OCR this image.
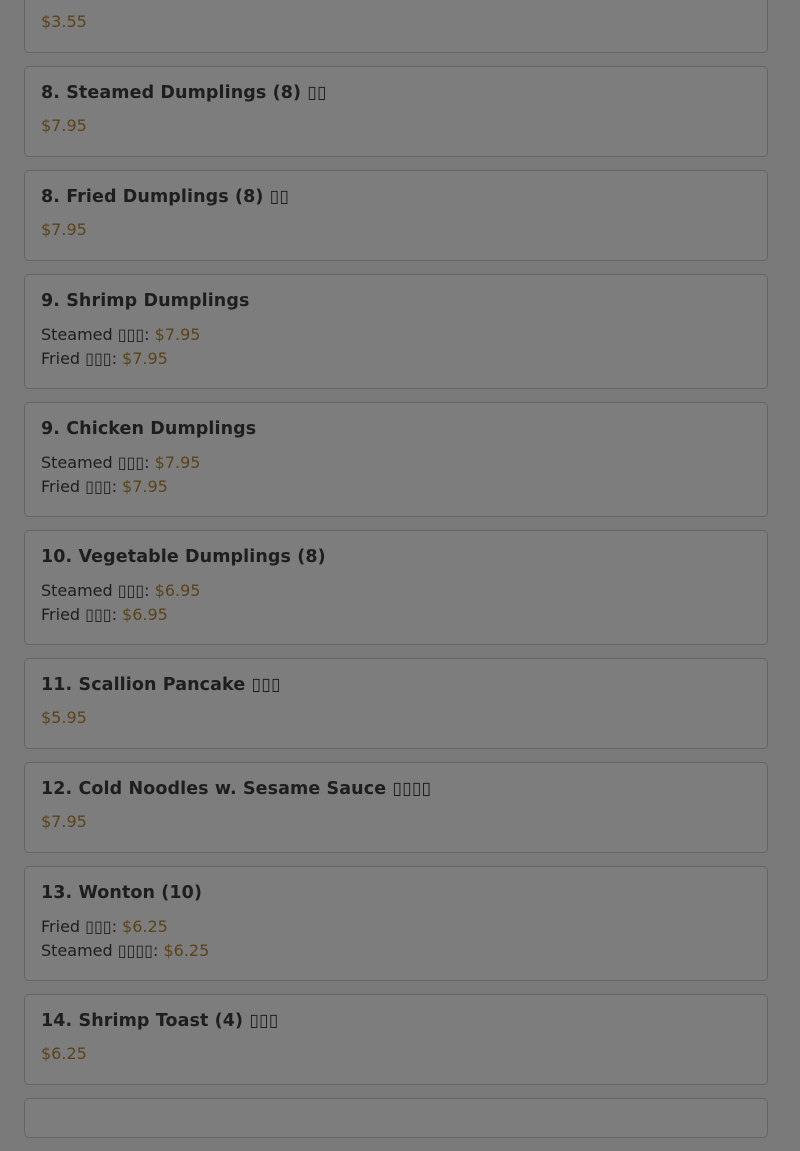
$3.55
8. Steamed Dumplings (8) ▯▯
$7.95
8. Fried Dumplings (8) ▯▯
$7.95
9. Shrimp Dumplings
Steamed ▯▯▯: $7.95
Fried ▯▯▯: $7.95
9. Chicken Dumplings
Steamed ▯▯▯: $7.95
Fried ▯▯▯: $7.95
10. Vegetable Dumplings (8)
Steamed ▯▯▯: $6.95
Fried ▯▯▯: $6.95
11. Scallion Pancake ▯▯▯
$5.95
12. Cold Noodles w. Sesame Sauce ▯▯▯▯
$7.95
13. Wonton (10)
Fried ▯▯▯: $6.25
Steamed ▯▯▯▯: $6.25
14. Shrimp Toast (4) ▯▯▯
$6.25
